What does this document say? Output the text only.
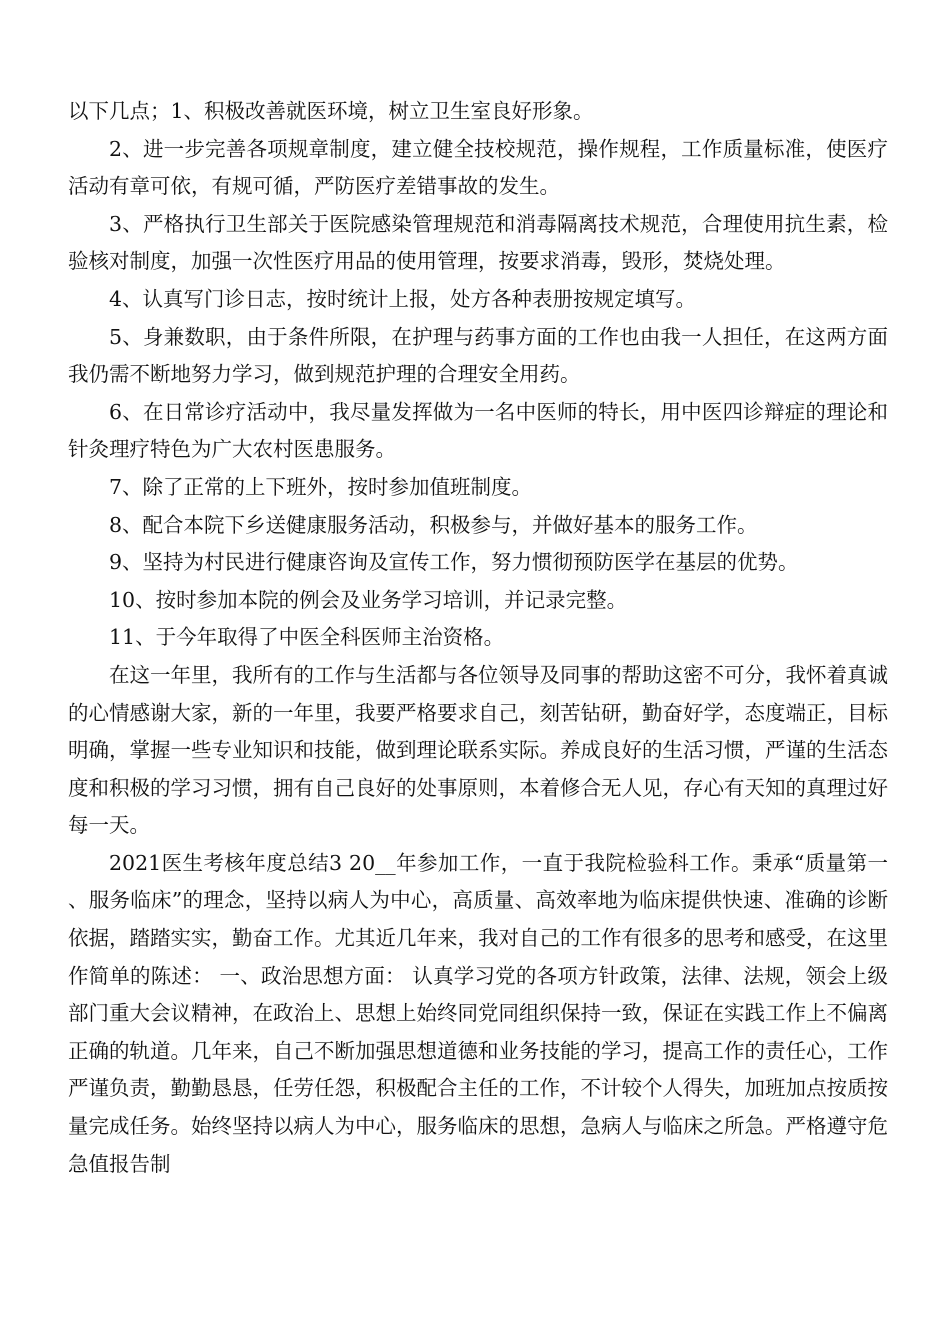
以下几点；1、积极改善就医环境，树立卫生室良好形象。

2、进一步完善各项规章制度，建立健全技校规范，操作规程，工作质量标准，使医疗活动有章可依，有规可循，严防医疗差错事故的发生。

3、严格执行卫生部关于医院感染管理规范和消毒隔离技术规范，合理使用抗生素，检验核对制度，加强一次性医疗用品的使用管理，按要求消毒，毁形，焚烧处理。

4、认真写门诊日志，按时统计上报，处方各种表册按规定填写。

5、身兼数职，由于条件所限，在护理与药事方面的工作也由我一人担任，在这两方面我仍需不断地努力学习，做到规范护理的合理安全用药。

6、在日常诊疗活动中，我尽量发挥做为一名中医师的特长，用中医四诊辩症的理论和针灸理疗特色为广大农村医患服务。

7、除了正常的上下班外，按时参加值班制度。

8、配合本院下乡送健康服务活动，积极参与，并做好基本的服务工作。

9、坚持为村民进行健康咨询及宣传工作，努力惯彻预防医学在基层的优势。

10、按时参加本院的例会及业务学习培训，并记录完整。

11、于今年取得了中医全科医师主治资格。

在这一年里，我所有的工作与生活都与各位领导及同事的帮助这密不可分，我怀着真诚的心情感谢大家，新的一年里，我要严格要求自己，刻苦钻研，勤奋好学，态度端正，目标明确，掌握一些专业知识和技能，做到理论联系实际。养成良好的生活习惯，严谨的生活态度和积极的学习习惯，拥有自己良好的处事原则，本着修合无人见，存心有天知的真理过好每一天。

2021医生考核年度总结3 20__年参加工作，一直于我院检验科工作。秉承“质量第一、服务临床”的理念，坚持以病人为中心，高质量、高效率地为临床提供快速、准确的诊断依据，踏踏实实，勤奋工作。尤其近几年来，我对自己的工作有很多的思考和感受，在这里作简单的陈述： 一、政治思想方面： 认真学习党的各项方针政策，法律、法规，领会上级部门重大会议精神，在政治上、思想上始终同党同组织保持一致，保证在实践工作上不偏离正确的轨道。几年来，自己不断加强思想道德和业务技能的学习，提高工作的责任心，工作严谨负责，勤勤恳恳，任劳任怨，积极配合主任的工作，不计较个人得失，加班加点按质按量完成任务。始终坚持以病人为中心，服务临床的思想，急病人与临床之所急。严格遵守危急值报告制
